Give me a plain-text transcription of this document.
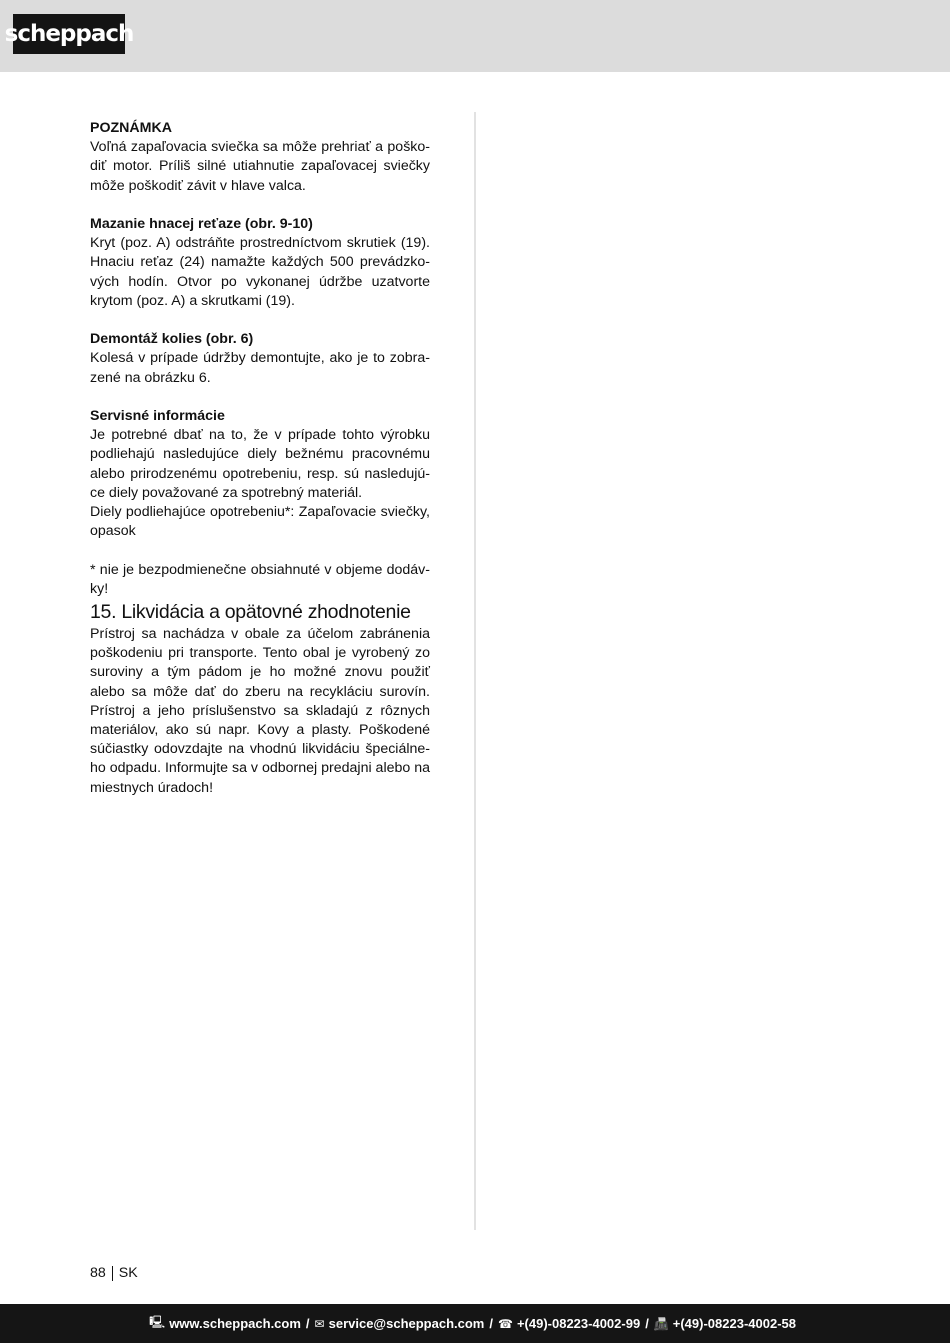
scheppach

POZNÁMKA

Voľná zapaľovacia sviečka sa môže prehriať a poško-diť motor. Príliš silné utiahnutie zapaľovacej sviečky môže poškodiť závit v hlave valca.

Mazanie hnacej reťaze (obr. 9-10)

Kryt (poz. A) odstráňte prostredníctvom skrutiek (19). Hnaciu reťaz (24) namažte každých 500 prevádzko-vých hodín. Otvor po vykonanej údržbe uzatvorte krytom (poz. A) a skrutkami (19).

Demontáž kolies (obr. 6)

Kolesá v prípade údržby demontujte, ako je to zobra-zené na obrázku 6.

Servisné informácie

Je potrebné dbať na to, že v prípade tohto výrobku podliehajú nasledujúce diely bežnému pracovnému alebo prirodzenému opotrebeniu, resp. sú nasledujú-ce diely považované za spotrebný materiál.

Diely podliehajúce opotrebeniu*: Zapaľovacie sviečky, opasok

* nie je bezpodmienečne obsiahnuté v objeme dodáv-ky!

15. Likvidácia a opätovné zhodnotenie

Prístroj sa nachádza v obale za účelom zabránenia poškodeniu pri transporte. Tento obal je vyrobený zo suroviny a tým pádom je ho možné znovu použiť alebo sa môže dať do zberu na recykláciu surovín. Prístroj a jeho príslušenstvo sa skladajú z rôznych materiálov, ako sú napr. Kovy a plasty. Poškodené súčiastky odovzdajte na vhodnú likvidáciu špeciálne-ho odpadu. Informujte sa v odbornej predajni alebo na miestnych úradoch!

88 SK
🖳 www.scheppach.com / ✉ service@scheppach.com / ☎ +(49)-08223-4002-99 / 📠 +(49)-08223-4002-58
